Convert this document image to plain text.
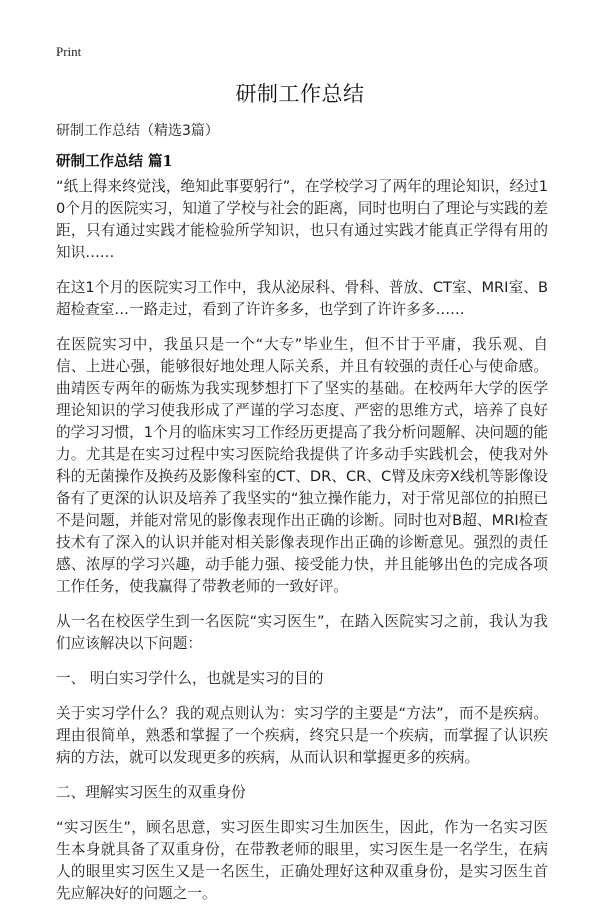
Print
研制工作总结
研制工作总结（精选3篇）
研制工作总结 篇1

“纸上得来终觉浅，绝知此事要躬行”，在学校学习了两年的理论知识，经过10个月的医院实习，知道了学校与社会的距离，同时也明白了理论与实践的差距，只有通过实践才能检验所学知识，也只有通过实践才能真正学得有用的知识……

在这1个月的医院实习工作中，我从泌尿科、骨科、普放、CT室、MRI室、B超检查室…一路走过，看到了许许多多，也学到了许许多多……

在医院实习中，我虽只是一个“大专”毕业生，但不甘于平庸，我乐观、自信、上进心强，能够很好地处理人际关系，并且有较强的责任心与使命感。曲靖医专两年的砺炼为我实现梦想打下了坚实的基础。在校两年大学的医学理论知识的学习使我形成了严谨的学习态度、严密的思维方式，培养了良好的学习习惯，1个月的临床实习工作经历更提高了我分析问题解、决问题的能力。尤其是在实习过程中实习医院给我提供了许多动手实践机会，使我对外科的无菌操作及换药及影像科室的CT、DR、CR、C臂及床旁X线机等影像设备有了更深的认识及培养了我坚实的“独立操作能力，对于常见部位的拍照已不是问题，并能对常见的影像表现作出正确的诊断。同时也对B超、MRI检查技术有了深入的认识并能对相关影像表现作出正确的诊断意见。强烈的责任感、浓厚的学习兴趣，动手能力强、接受能力快，并且能够出色的完成各项工作任务，使我赢得了带教老师的一致好评。

从一名在校医学生到一名医院“实习医生”，在踏入医院实习之前，我认为我们应该解决以下问题：

一、 明白实习学什么，也就是实习的目的

关于实习学什么？我的观点则认为：实习学的主要是“方法”，而不是疾病。理由很简单，熟悉和掌握了一个疾病，终究只是一个疾病，而掌握了认识疾病的方法，就可以发现更多的疾病，从而认识和掌握更多的疾病。

二、理解实习医生的双重身份

“实习医生”，顾名思意，实习医生即实习生加医生，因此，作为一名实习医生本身就具备了双重身份，在带教老师的眼里，实习医生是一名学生，在病人的眼里实习医生又是一名医生，正确处理好这种双重身份，是实习医生首先应解决好的问题之一。
